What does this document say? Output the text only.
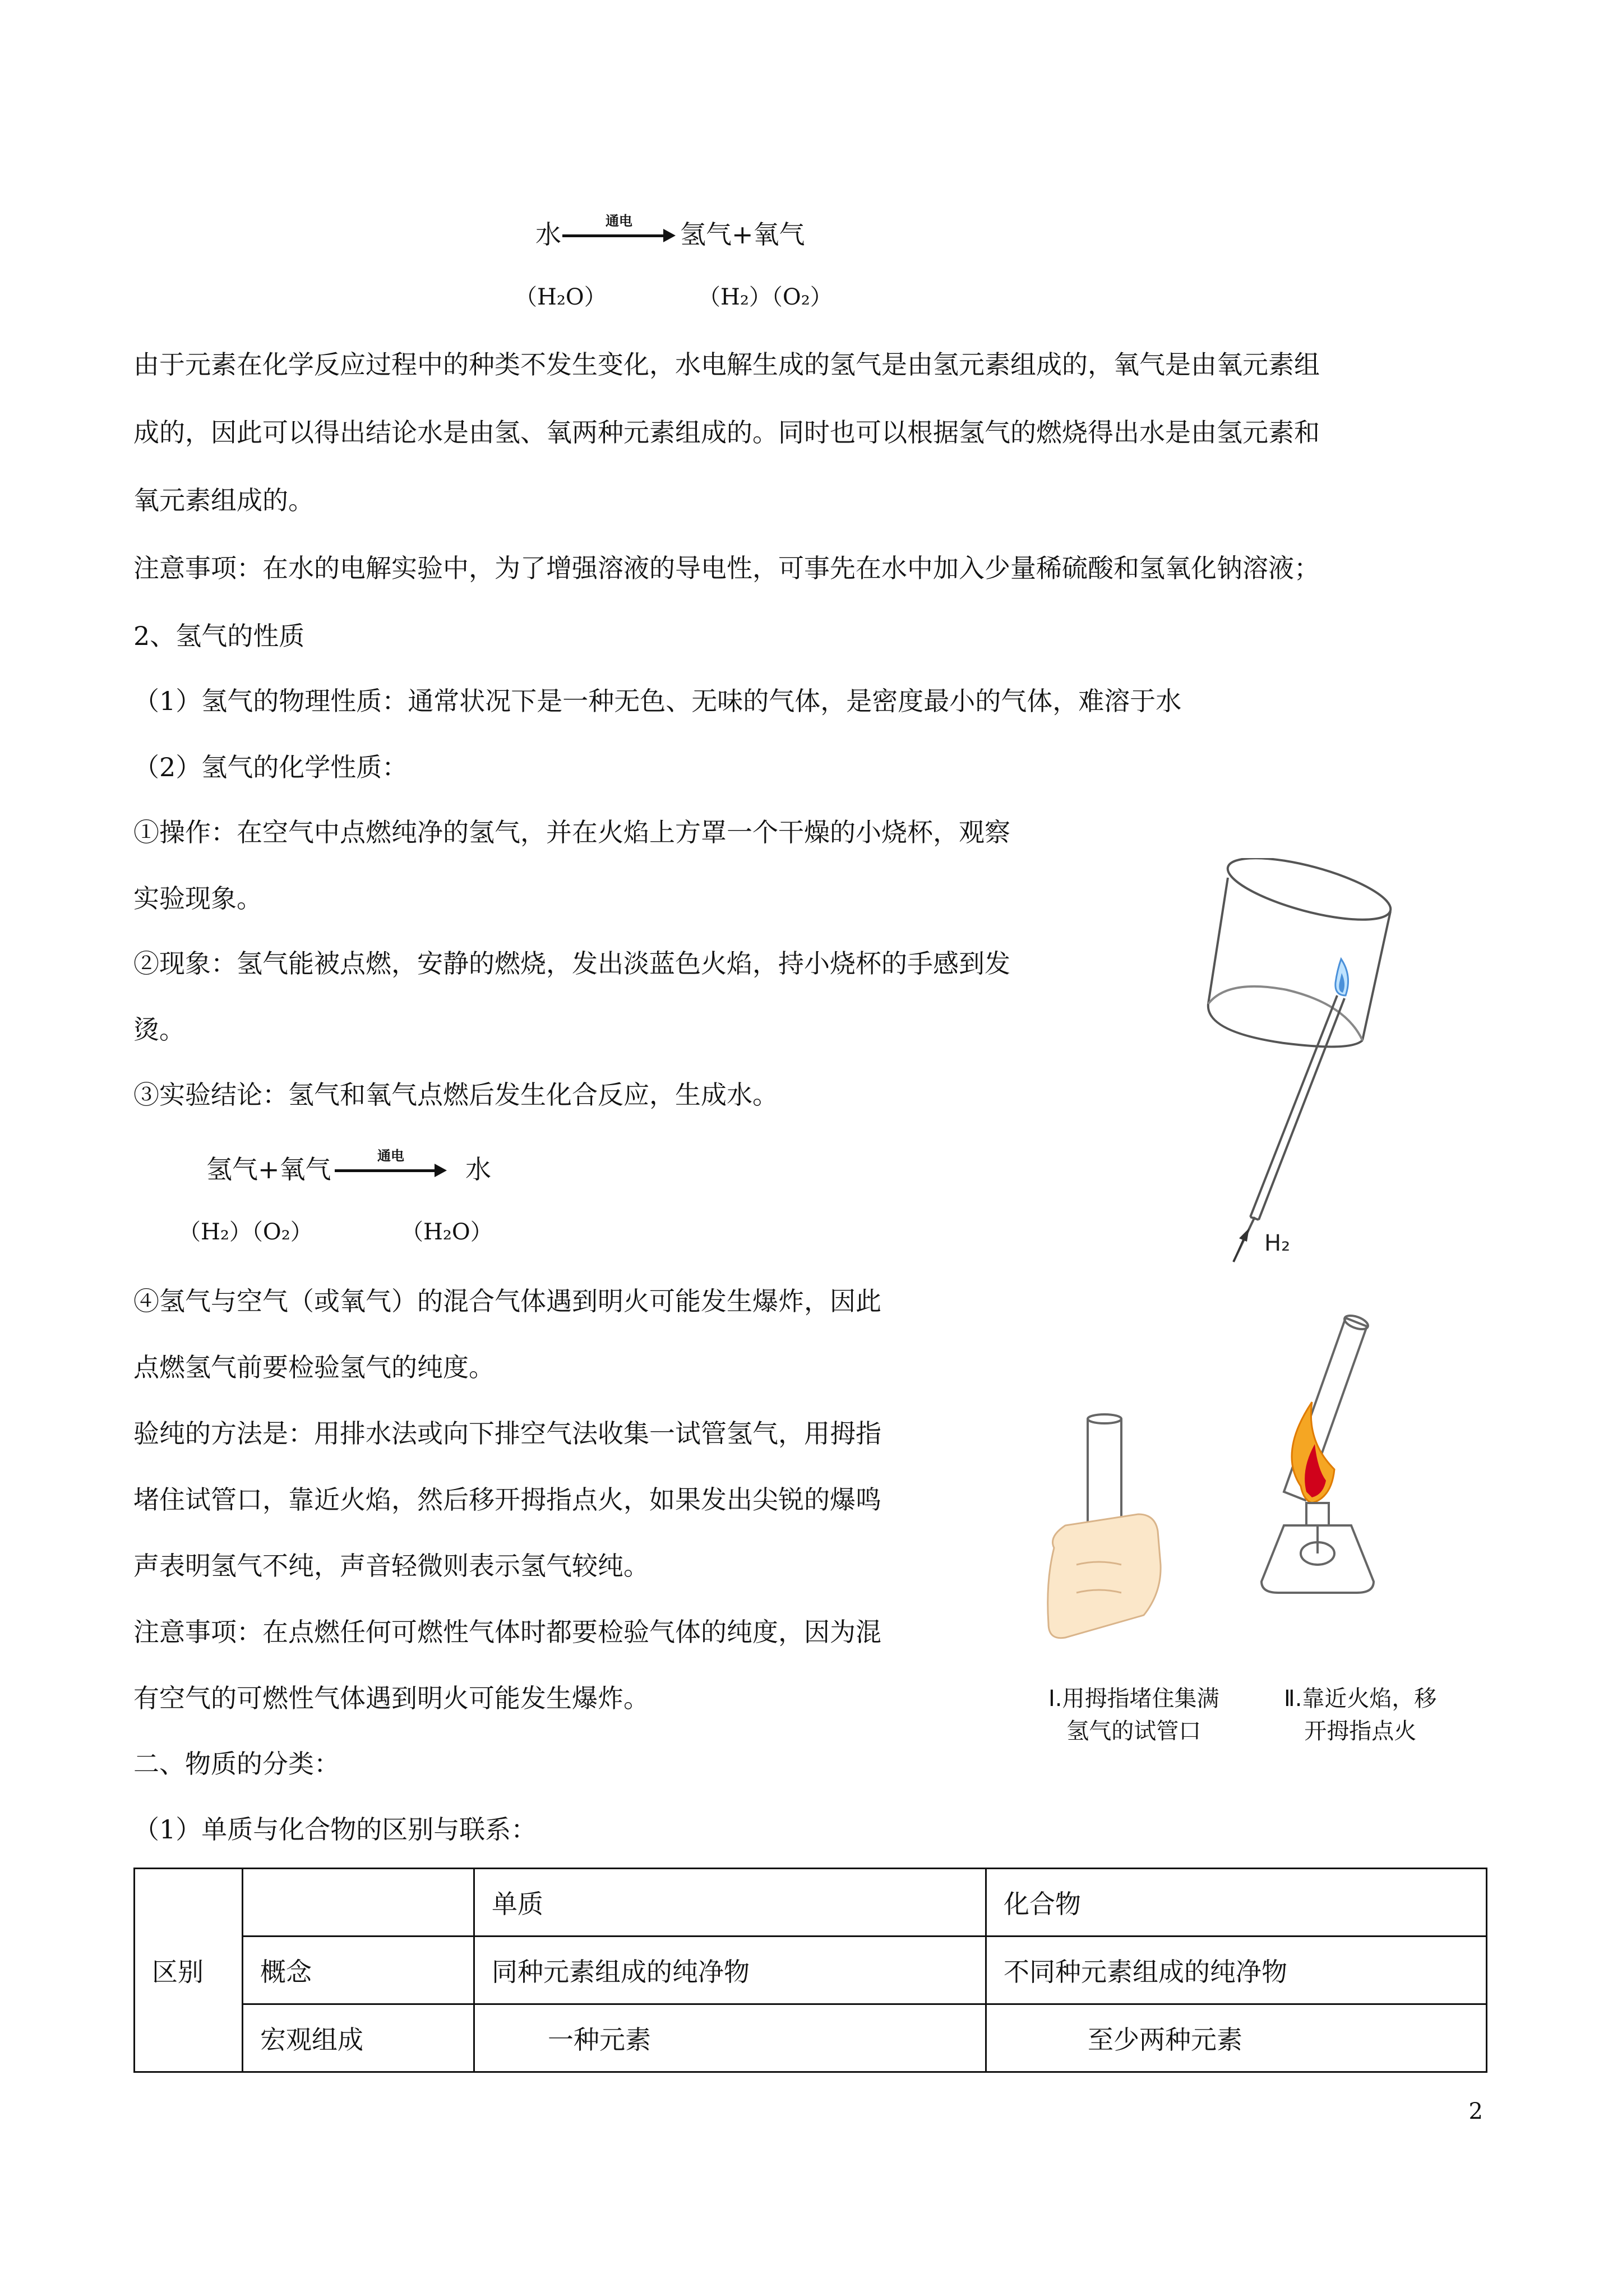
水	通电 氢气+氧气
（H₂O）	（H₂）（O₂）
由于元素在化学反应过程中的种类不发生变化，水电解生成的氢气是由氢元素组成的，氧气是由氧元素组
成的，因此可以得出结论水是由氢、氧两种元素组成的。同时也可以根据氢气的燃烧得出水是由氢元素和
氧元素组成的。
注意事项：在水的电解实验中，为了增强溶液的导电性，可事先在水中加入少量稀硫酸和氢氧化钠溶液；
2、氢气的性质
（1）氢气的物理性质：通常状况下是一种无色、无味的气体，是密度最小的气体，难溶于水
（2）氢气的化学性质：
①操作：在空气中点燃纯净的氢气，并在火焰上方罩一个干燥的小烧杯，观察
实验现象。
②现象：氢气能被点燃，安静的燃烧，发出淡蓝色火焰，持小烧杯的手感到发
烫。
③实验结论：氢气和氧气点燃后发生化合反应，生成水。
氢气+氧气	通电 水
（H₂）（O₂）	（H₂O）
④氢气与空气（或氧气）的混合气体遇到明火可能发生爆炸，因此
点燃氢气前要检验氢气的纯度。
验纯的方法是：用排水法或向下排空气法收集一试管氢气，用拇指
堵住试管口，靠近火焰，然后移开拇指点火，如果发出尖锐的爆鸣
声表明氢气不纯，声音轻微则表示氢气较纯。
注意事项：在点燃任何可燃性气体时都要检验气体的纯度，因为混
有空气的可燃性气体遇到明火可能发生爆炸。
二、物质的分类：
（1）单质与化合物的区别与联系：
H₂
Ⅰ.用拇指堵住集满
氢气的试管口
Ⅱ.靠近火焰，移
开拇指点火
区别		单质	化合物
	概念	同种元素组成的纯净物	不同种元素组成的纯净物
	宏观组成	一种元素	至少两种元素
2
